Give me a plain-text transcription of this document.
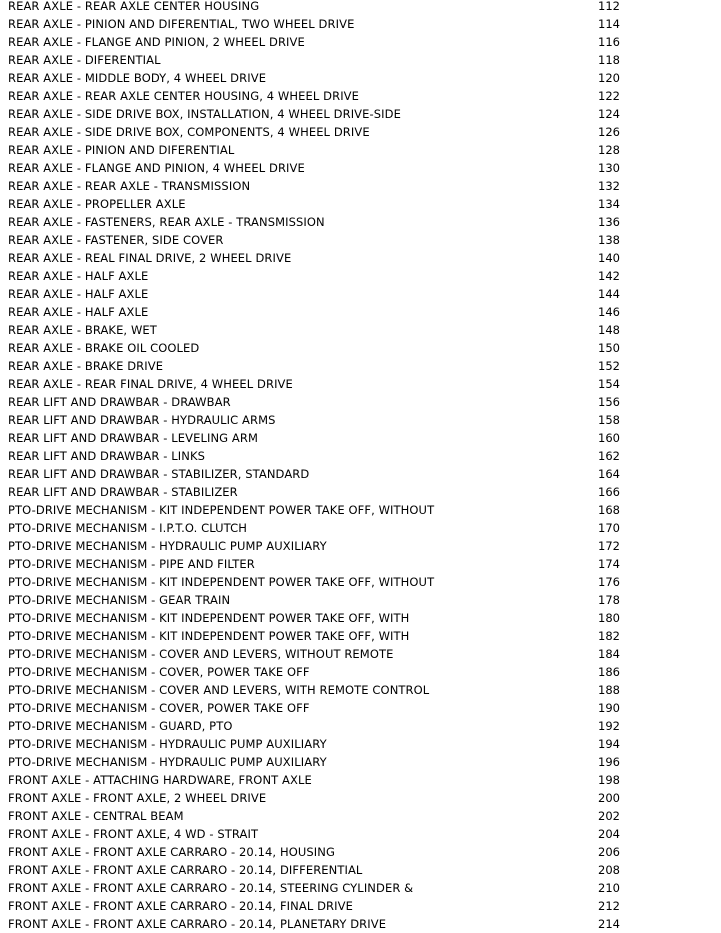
REAR AXLE - REAR AXLE CENTER HOUSING	112
REAR AXLE - PINION AND DIFERENTIAL, TWO WHEEL DRIVE	114
REAR AXLE - FLANGE AND PINION, 2 WHEEL DRIVE	116
REAR AXLE - DIFERENTIAL	118
REAR AXLE - MIDDLE BODY, 4 WHEEL DRIVE	120
REAR AXLE - REAR AXLE CENTER HOUSING, 4 WHEEL DRIVE	122
REAR AXLE - SIDE DRIVE BOX, INSTALLATION, 4 WHEEL DRIVE-SIDE	124
REAR AXLE - SIDE DRIVE BOX, COMPONENTS, 4 WHEEL DRIVE	126
REAR AXLE - PINION AND DIFERENTIAL	128
REAR AXLE - FLANGE AND PINION, 4 WHEEL DRIVE	130
REAR AXLE - REAR AXLE - TRANSMISSION	132
REAR AXLE - PROPELLER AXLE	134
REAR AXLE - FASTENERS, REAR AXLE - TRANSMISSION	136
REAR AXLE - FASTENER, SIDE COVER	138
REAR AXLE - REAL FINAL DRIVE, 2 WHEEL DRIVE	140
REAR AXLE - HALF AXLE	142
REAR AXLE - HALF AXLE	144
REAR AXLE - HALF AXLE	146
REAR AXLE - BRAKE, WET	148
REAR AXLE - BRAKE OIL COOLED	150
REAR AXLE - BRAKE DRIVE	152
REAR AXLE - REAR FINAL DRIVE, 4 WHEEL DRIVE	154
REAR LIFT AND DRAWBAR - DRAWBAR	156
REAR LIFT AND DRAWBAR - HYDRAULIC ARMS	158
REAR LIFT AND DRAWBAR - LEVELING ARM	160
REAR LIFT AND DRAWBAR - LINKS	162
REAR LIFT AND DRAWBAR - STABILIZER, STANDARD	164
REAR LIFT AND DRAWBAR - STABILIZER	166
PTO-DRIVE MECHANISM - KIT INDEPENDENT POWER TAKE OFF, WITHOUT	168
PTO-DRIVE MECHANISM - I.P.T.O. CLUTCH	170
PTO-DRIVE MECHANISM - HYDRAULIC PUMP AUXILIARY	172
PTO-DRIVE MECHANISM - PIPE AND FILTER	174
PTO-DRIVE MECHANISM - KIT INDEPENDENT POWER TAKE OFF, WITHOUT	176
PTO-DRIVE MECHANISM - GEAR TRAIN	178
PTO-DRIVE MECHANISM - KIT INDEPENDENT POWER TAKE OFF, WITH	180
PTO-DRIVE MECHANISM - KIT INDEPENDENT POWER TAKE OFF, WITH	182
PTO-DRIVE MECHANISM - COVER AND LEVERS, WITHOUT REMOTE	184
PTO-DRIVE MECHANISM - COVER, POWER TAKE OFF	186
PTO-DRIVE MECHANISM - COVER AND LEVERS, WITH REMOTE CONTROL	188
PTO-DRIVE MECHANISM - COVER, POWER TAKE OFF	190
PTO-DRIVE MECHANISM - GUARD, PTO	192
PTO-DRIVE MECHANISM - HYDRAULIC PUMP AUXILIARY	194
PTO-DRIVE MECHANISM - HYDRAULIC PUMP AUXILIARY	196
FRONT AXLE - ATTACHING HARDWARE, FRONT AXLE	198
FRONT AXLE - FRONT AXLE, 2 WHEEL DRIVE	200
FRONT AXLE - CENTRAL BEAM	202
FRONT AXLE - FRONT AXLE, 4 WD - STRAIT	204
FRONT AXLE - FRONT AXLE CARRARO - 20.14, HOUSING	206
FRONT AXLE - FRONT AXLE CARRARO - 20.14, DIFFERENTIAL	208
FRONT AXLE - FRONT AXLE CARRARO - 20.14, STEERING CYLINDER &	210
FRONT AXLE - FRONT AXLE CARRARO - 20.14, FINAL DRIVE	212
FRONT AXLE - FRONT AXLE CARRARO - 20.14, PLANETARY DRIVE	214
